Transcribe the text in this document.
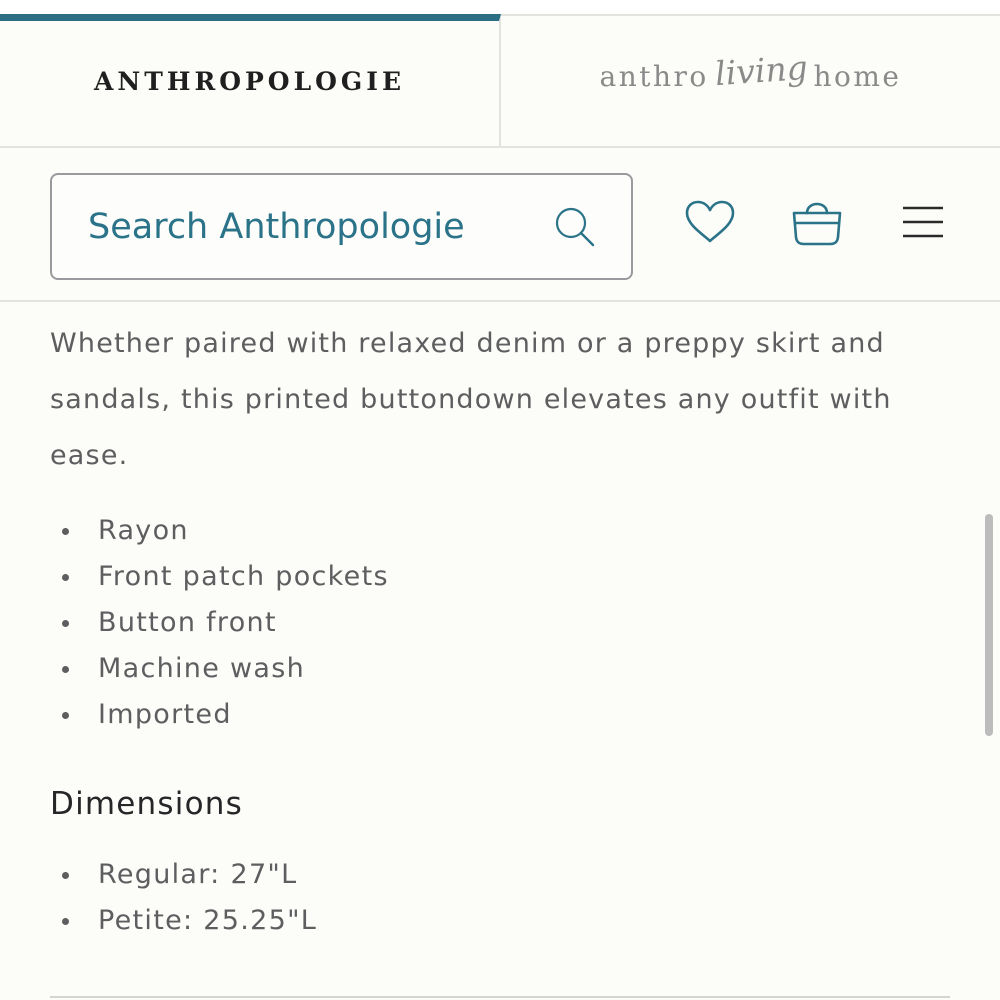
ANTHROPOLOGIE	anthro living home
Search Anthropologie

Whether paired with relaxed denim or a preppy skirt and sandals, this printed buttondown elevates any outfit with ease.

Rayon
Front patch pockets
Button front
Machine wash
Imported
Dimensions
Regular: 27"L
Petite: 25.25"L
